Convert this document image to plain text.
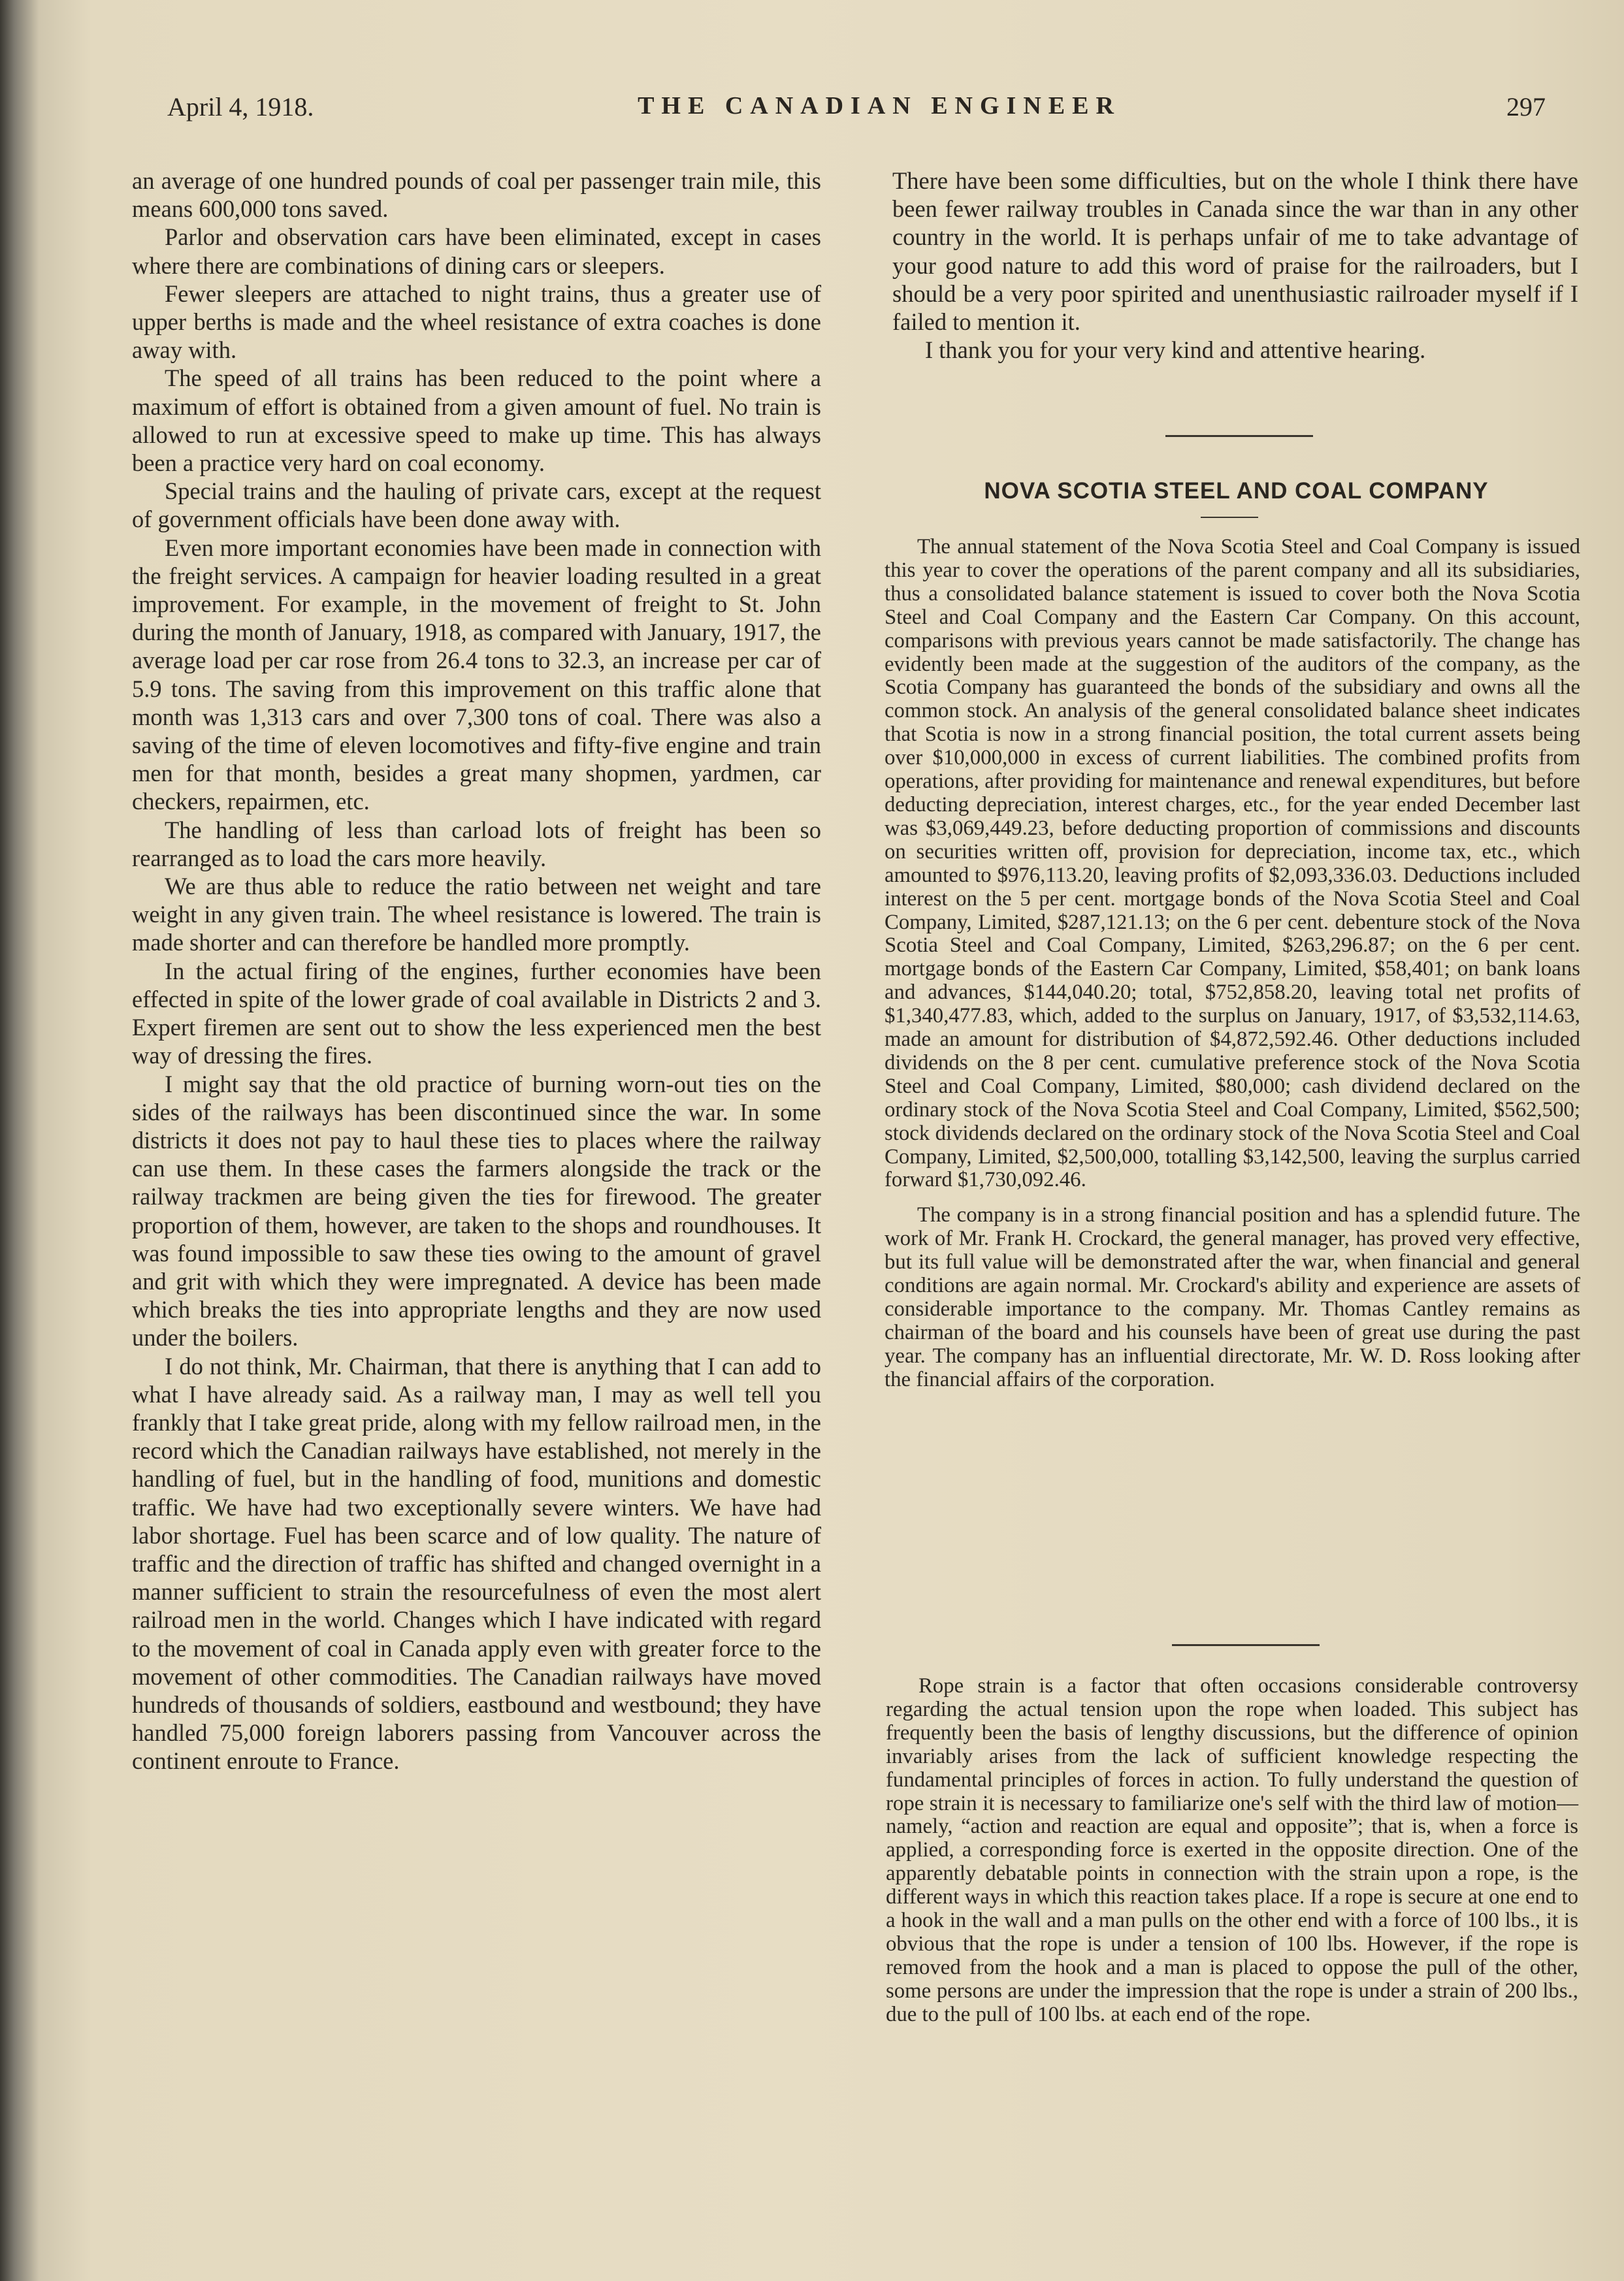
April 4, 1918.	THE CANADIAN ENGINEER	297

an average of one hundred pounds of coal per passenger train mile, this means 600,000 tons saved.

Parlor and observation cars have been eliminated, except in cases where there are combinations of dining cars or sleepers.

Fewer sleepers are attached to night trains, thus a greater use of upper berths is made and the wheel resistance of extra coaches is done away with.

The speed of all trains has been reduced to the point where a maximum of effort is obtained from a given amount of fuel. No train is allowed to run at excessive speed to make up time. This has always been a practice very hard on coal economy.

Special trains and the hauling of private cars, except at the request of government officials have been done away with.

Even more important economies have been made in connection with the freight services. A campaign for heavier loading resulted in a great improvement. For example, in the movement of freight to St. John during the month of January, 1918, as compared with January, 1917, the average load per car rose from 26.4 tons to 32.3, an increase per car of 5.9 tons. The saving from this improvement on this traffic alone that month was 1,313 cars and over 7,300 tons of coal. There was also a saving of the time of eleven locomotives and fifty-five engine and train men for that month, besides a great many shopmen, yardmen, car checkers, repairmen, etc.

The handling of less than carload lots of freight has been so rearranged as to load the cars more heavily.

We are thus able to reduce the ratio between net weight and tare weight in any given train. The wheel resistance is lowered. The train is made shorter and can therefore be handled more promptly.

In the actual firing of the engines, further economies have been effected in spite of the lower grade of coal available in Districts 2 and 3. Expert firemen are sent out to show the less experienced men the best way of dressing the fires.

I might say that the old practice of burning worn-out ties on the sides of the railways has been discontinued since the war. In some districts it does not pay to haul these ties to places where the railway can use them. In these cases the farmers alongside the track or the railway trackmen are being given the ties for firewood. The greater proportion of them, however, are taken to the shops and roundhouses. It was found impossible to saw these ties owing to the amount of gravel and grit with which they were impregnated. A device has been made which breaks the ties into appropriate lengths and they are now used under the boilers.

I do not think, Mr. Chairman, that there is anything that I can add to what I have already said. As a railway man, I may as well tell you frankly that I take great pride, along with my fellow railroad men, in the record which the Canadian railways have established, not merely in the handling of fuel, but in the handling of food, munitions and domestic traffic. We have had two exceptionally severe winters. We have had labor shortage. Fuel has been scarce and of low quality. The nature of traffic and the direction of traffic has shifted and changed overnight in a manner sufficient to strain the resourcefulness of even the most alert railroad men in the world. Changes which I have indicated with regard to the movement of coal in Canada apply even with greater force to the movement of other commodities. The Canadian railways have moved hundreds of thousands of soldiers, eastbound and westbound; they have handled 75,000 foreign laborers passing from Vancouver across the continent enroute to France.

There have been some difficulties, but on the whole I think there have been fewer railway troubles in Canada since the war than in any other country in the world. It is perhaps unfair of me to take advantage of your good nature to add this word of praise for the railroaders, but I should be a very poor spirited and unenthusiastic railroader myself if I failed to mention it.

I thank you for your very kind and attentive hearing.

NOVA SCOTIA STEEL AND COAL COMPANY

The annual statement of the Nova Scotia Steel and Coal Company is issued this year to cover the operations of the parent company and all its subsidiaries, thus a consolidated balance statement is issued to cover both the Nova Scotia Steel and Coal Company and the Eastern Car Company. On this account, comparisons with previous years cannot be made satisfactorily. The change has evidently been made at the suggestion of the auditors of the company, as the Scotia Company has guaranteed the bonds of the subsidiary and owns all the common stock. An analysis of the general consolidated balance sheet indicates that Scotia is now in a strong financial position, the total current assets being over $10,000,000 in excess of current liabilities. The combined profits from operations, after providing for maintenance and renewal expenditures, but before deducting depreciation, interest charges, etc., for the year ended December last was $3,069,449.23, before deducting proportion of commissions and discounts on securities written off, provision for depreciation, income tax, etc., which amounted to $976,113.20, leaving profits of $2,093,336.03. Deductions included interest on the 5 per cent. mortgage bonds of the Nova Scotia Steel and Coal Company, Limited, $287,121.13; on the 6 per cent. debenture stock of the Nova Scotia Steel and Coal Company, Limited, $263,296.87; on the 6 per cent. mortgage bonds of the Eastern Car Company, Limited, $58,401; on bank loans and advances, $144,040.20; total, $752,858.20, leaving total net profits of $1,340,477.83, which, added to the surplus on January, 1917, of $3,532,114.63, made an amount for distribution of $4,872,592.46. Other deductions included dividends on the 8 per cent. cumulative preference stock of the Nova Scotia Steel and Coal Company, Limited, $80,000; cash dividend declared on the ordinary stock of the Nova Scotia Steel and Coal Company, Limited, $562,500; stock dividends declared on the ordinary stock of the Nova Scotia Steel and Coal Company, Limited, $2,500,000, totalling $3,142,500, leaving the surplus carried forward $1,730,092.46.

The company is in a strong financial position and has a splendid future. The work of Mr. Frank H. Crockard, the general manager, has proved very effective, but its full value will be demonstrated after the war, when financial and general conditions are again normal. Mr. Crockard's ability and experience are assets of considerable importance to the company. Mr. Thomas Cantley remains as chairman of the board and his counsels have been of great use during the past year. The company has an influential directorate, Mr. W. D. Ross looking after the financial affairs of the corporation.

Rope strain is a factor that often occasions considerable controversy regarding the actual tension upon the rope when loaded. This subject has frequently been the basis of lengthy discussions, but the difference of opinion invariably arises from the lack of sufficient knowledge respecting the fundamental principles of forces in action. To fully understand the question of rope strain it is necessary to familiarize one's self with the third law of motion—namely, “action and reaction are equal and opposite”; that is, when a force is applied, a corresponding force is exerted in the opposite direction. One of the apparently debatable points in connection with the strain upon a rope, is the different ways in which this reaction takes place. If a rope is secure at one end to a hook in the wall and a man pulls on the other end with a force of 100 lbs., it is obvious that the rope is under a tension of 100 lbs. However, if the rope is removed from the hook and a man is placed to oppose the pull of the other, some persons are under the impression that the rope is under a strain of 200 lbs., due to the pull of 100 lbs. at each end of the rope.
